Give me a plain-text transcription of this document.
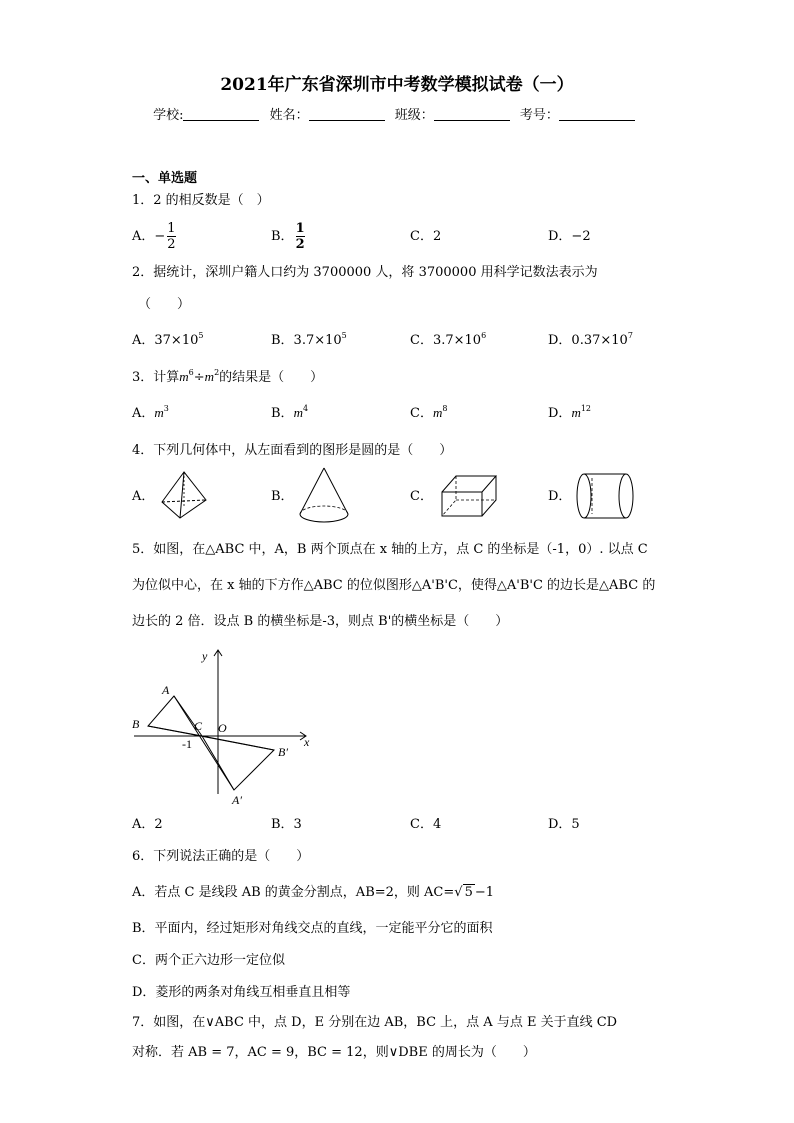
2021年广东省深圳市中考数学模拟试卷（一）
学校:	姓名：	班级：	考号：
一、单选题
1．2 的相反数是（　）
A．− $\frac{1}{2}$	B． $\frac{1}{2}$	C．2	D．−2
2．据统计，深圳户籍人口约为 3700000 人，将 3700000 用科学记数法表示为
（　　）
A．$37\times 10^5$	B．$3.7\times 10^5$	C．$3.7\times 10^6$	D．$0.37\times 10^7$
3．计算$m^6\div m^2$的结果是（　　）
A．$m^3$	B．$m^4$	C．$m^8$	D．$m^{12}$
4．下列几何体中，从左面看到的图形是圆的是（　　）
A．	B．	C．	D．
5．如图，在△ABC 中，A，B 两个顶点在 x 轴的上方，点 C 的坐标是（-1，0）. 以点 C
为位似中心，在 x 轴的下方作△ABC 的位似图形△A'B'C，使得△A'B'C 的边长是△ABC 的
边长的 2 倍．设点 B 的横坐标是-3，则点 B'的横坐标是（　　）
y
x
A
B	C O
-1
B′
A′
A．2	B．3	C．4	D．5
6．下列说法正确的是（　　）
A．若点 C 是线段 AB 的黄金分割点，AB=2，则 AC=√ 5 −1
B．平面内，经过矩形对角线交点的直线，一定能平分它的面积
C．两个正六边形一定位似
D．菱形的两条对角线互相垂直且相等
7．如图，在∨ABC 中，点 D，E 分别在边 AB，BC 上，点 A 与点 E 关于直线 CD
对称．若 AB = 7，AC = 9，BC = 12，则∨DBE 的周长为（　　）
